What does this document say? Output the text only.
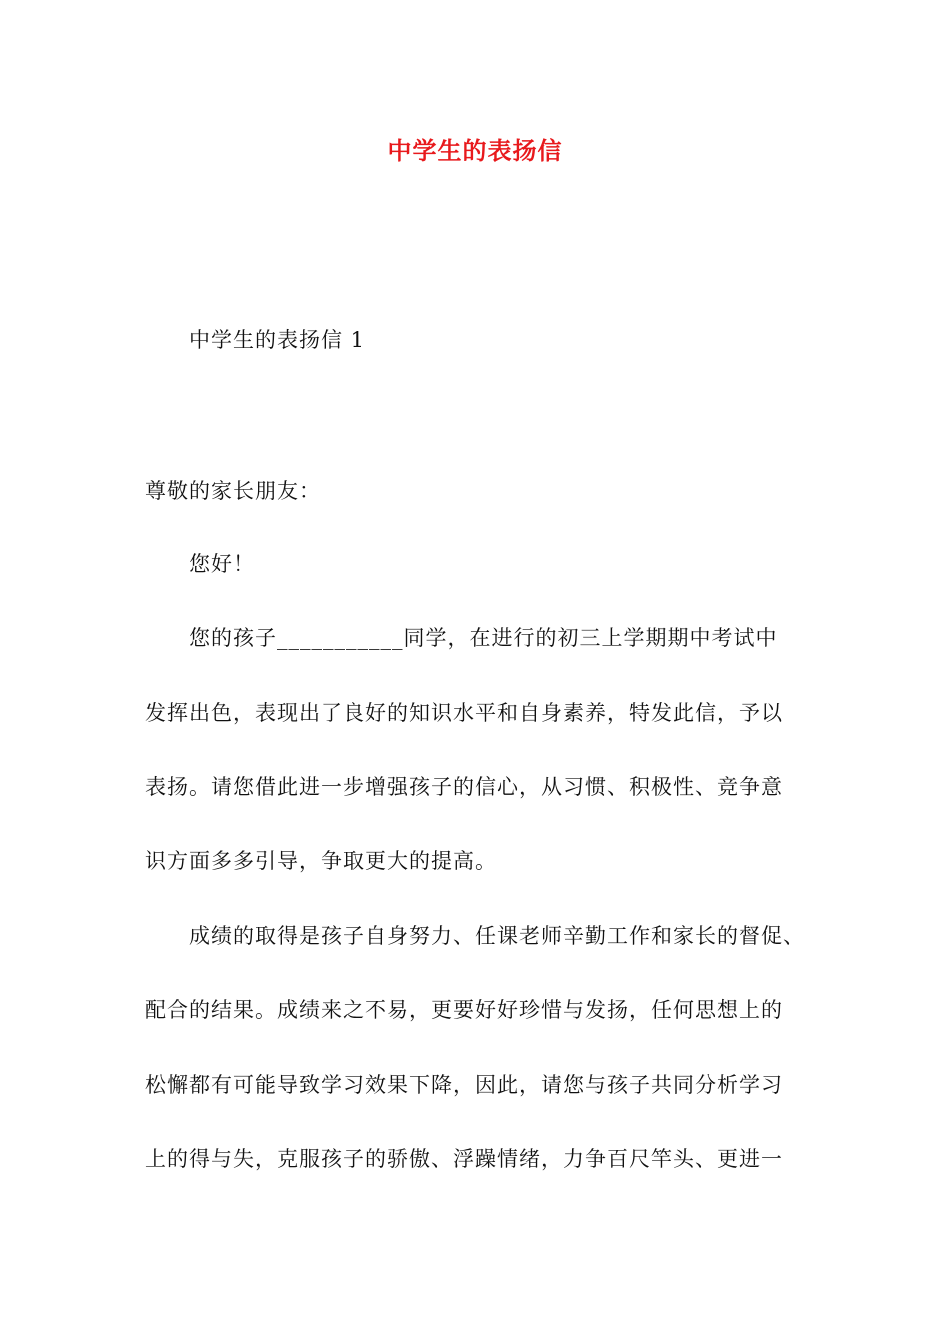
中学生的表扬信
中学生的表扬信 1
尊敬的家长朋友：
您好！
您的孩子___________同学，在进行的初三上学期期中考试中
发挥出色，表现出了良好的知识水平和自身素养，特发此信，予以
表扬。请您借此进一步增强孩子的信心，从习惯、积极性、竞争意
识方面多多引导，争取更大的提高。
成绩的取得是孩子自身努力、任课老师辛勤工作和家长的督促、
配合的结果。成绩来之不易，更要好好珍惜与发扬，任何思想上的
松懈都有可能导致学习效果下降，因此，请您与孩子共同分析学习
上的得与失，克服孩子的骄傲、浮躁情绪，力争百尺竿头、更进一
